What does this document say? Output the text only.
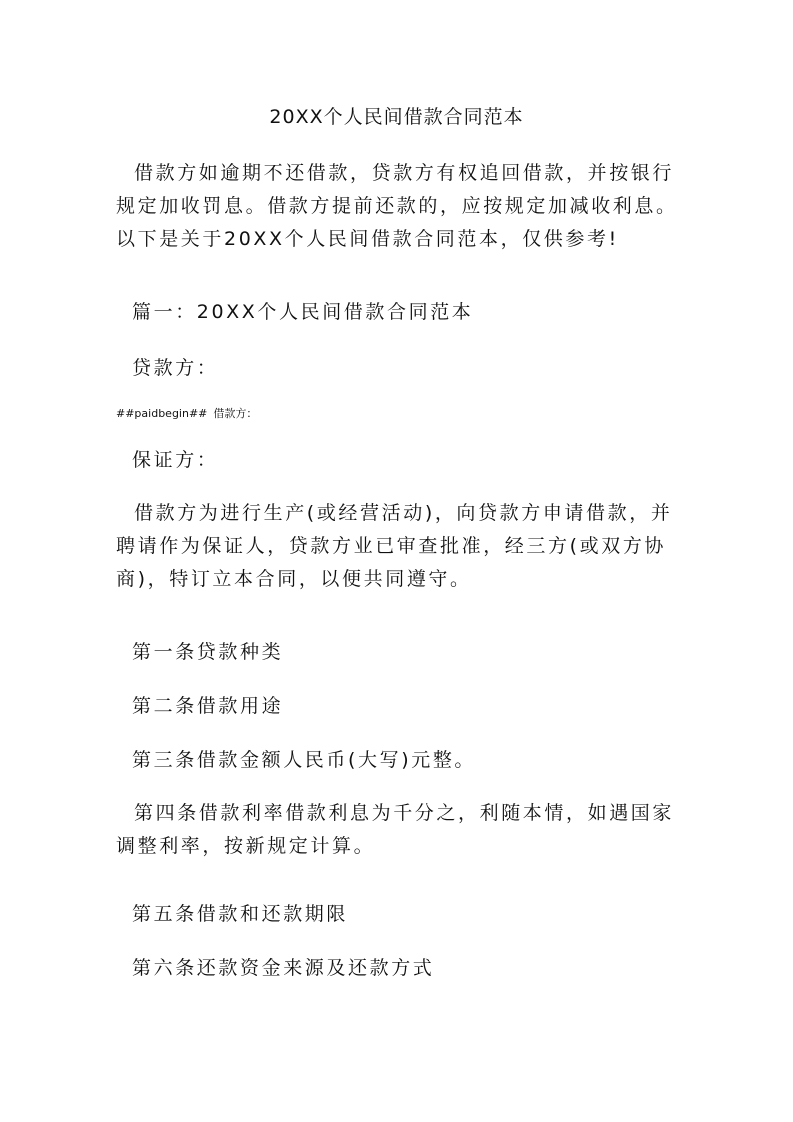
20XX个人民间借款合同范本

借款方如逾期不还借款，贷款方有权追回借款，并按银行规定加收罚息。借款方提前还款的，应按规定加减收利息。以下是关于20XX个人民间借款合同范本，仅供参考!

篇一：20XX个人民间借款合同范本

贷款方：

##paidbegin## 借款方：

保证方：

借款方为进行生产(或经营活动)，向贷款方申请借款，并聘请作为保证人，贷款方业已审查批准，经三方(或双方协商)，特订立本合同，以便共同遵守。

第一条贷款种类

第二条借款用途

第三条借款金额人民币(大写)元整。

第四条借款利率借款利息为千分之，利随本情，如遇国家调整利率，按新规定计算。

第五条借款和还款期限

第六条还款资金来源及还款方式
